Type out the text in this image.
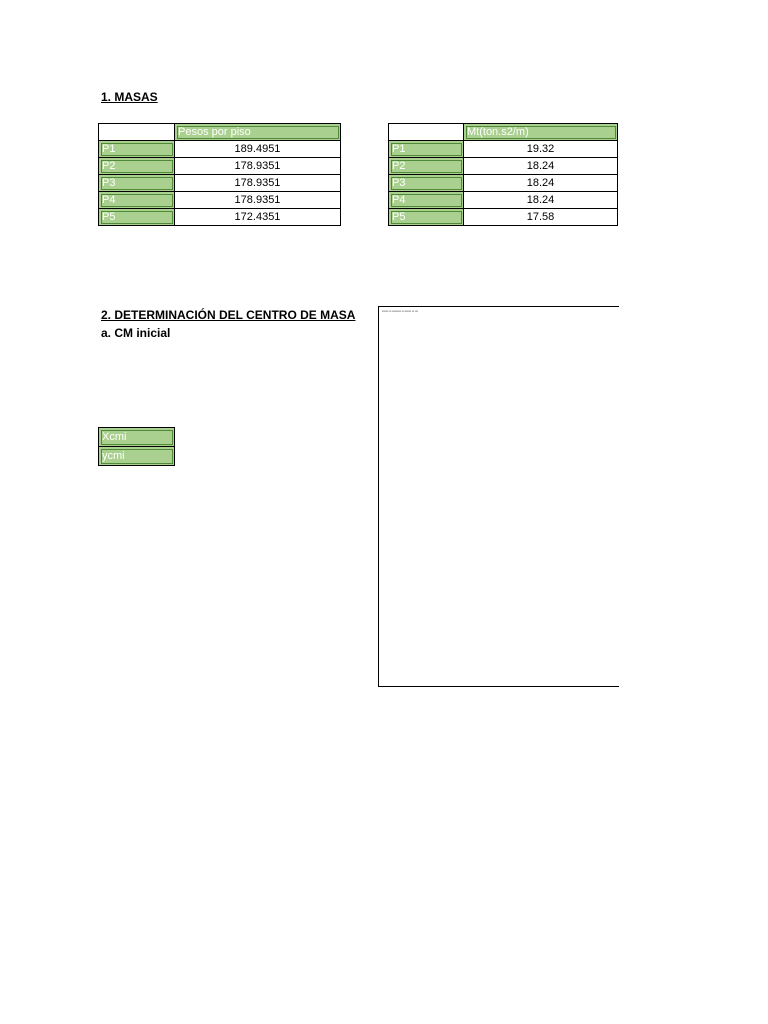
1. MASAS
	Pesos por piso
P1	189.4951
P2	178.9351
P3	178.9351
P4	178.9351
P5	172.4351
	Mt(ton.s2/m)
P1	19.32
P2	18.24
P3	18.24
P4	18.24
P5	17.58
2. DETERMINACIÓN DEL CENTRO DE MASA
a. CM inicial
▪▪▪▪▪▪ ▪▪ ▪▪▪▪▪▪▪▪ ▪▪ ▪▪▪▪▪▪ ▪▪ ▪▪▪
Xcmi
ycmi
